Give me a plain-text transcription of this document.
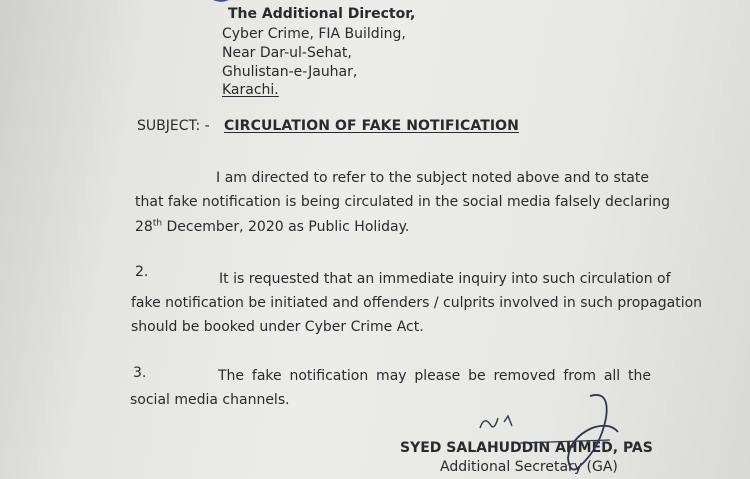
The Additional Director,
Cyber Crime, FIA Building,
Near Dar-ul-Sehat,
Ghulistan-e-Jauhar,
Karachi.
SUBJECT: - CIRCULATION OF FAKE NOTIFICATION
I am directed to refer to the subject noted above and to state
that fake notification is being circulated in the social media falsely declaring
28th December, 2020 as Public Holiday.
2.	It is requested that an immediate inquiry into such circulation of
fake notification be initiated and offenders / culprits involved in such propagation
should be booked under Cyber Crime Act.
3.	The fake notification may please be removed from all the
social media channels.
SYED SALAHUDDIN AHMED, PAS
Additional Secretary (GA)
